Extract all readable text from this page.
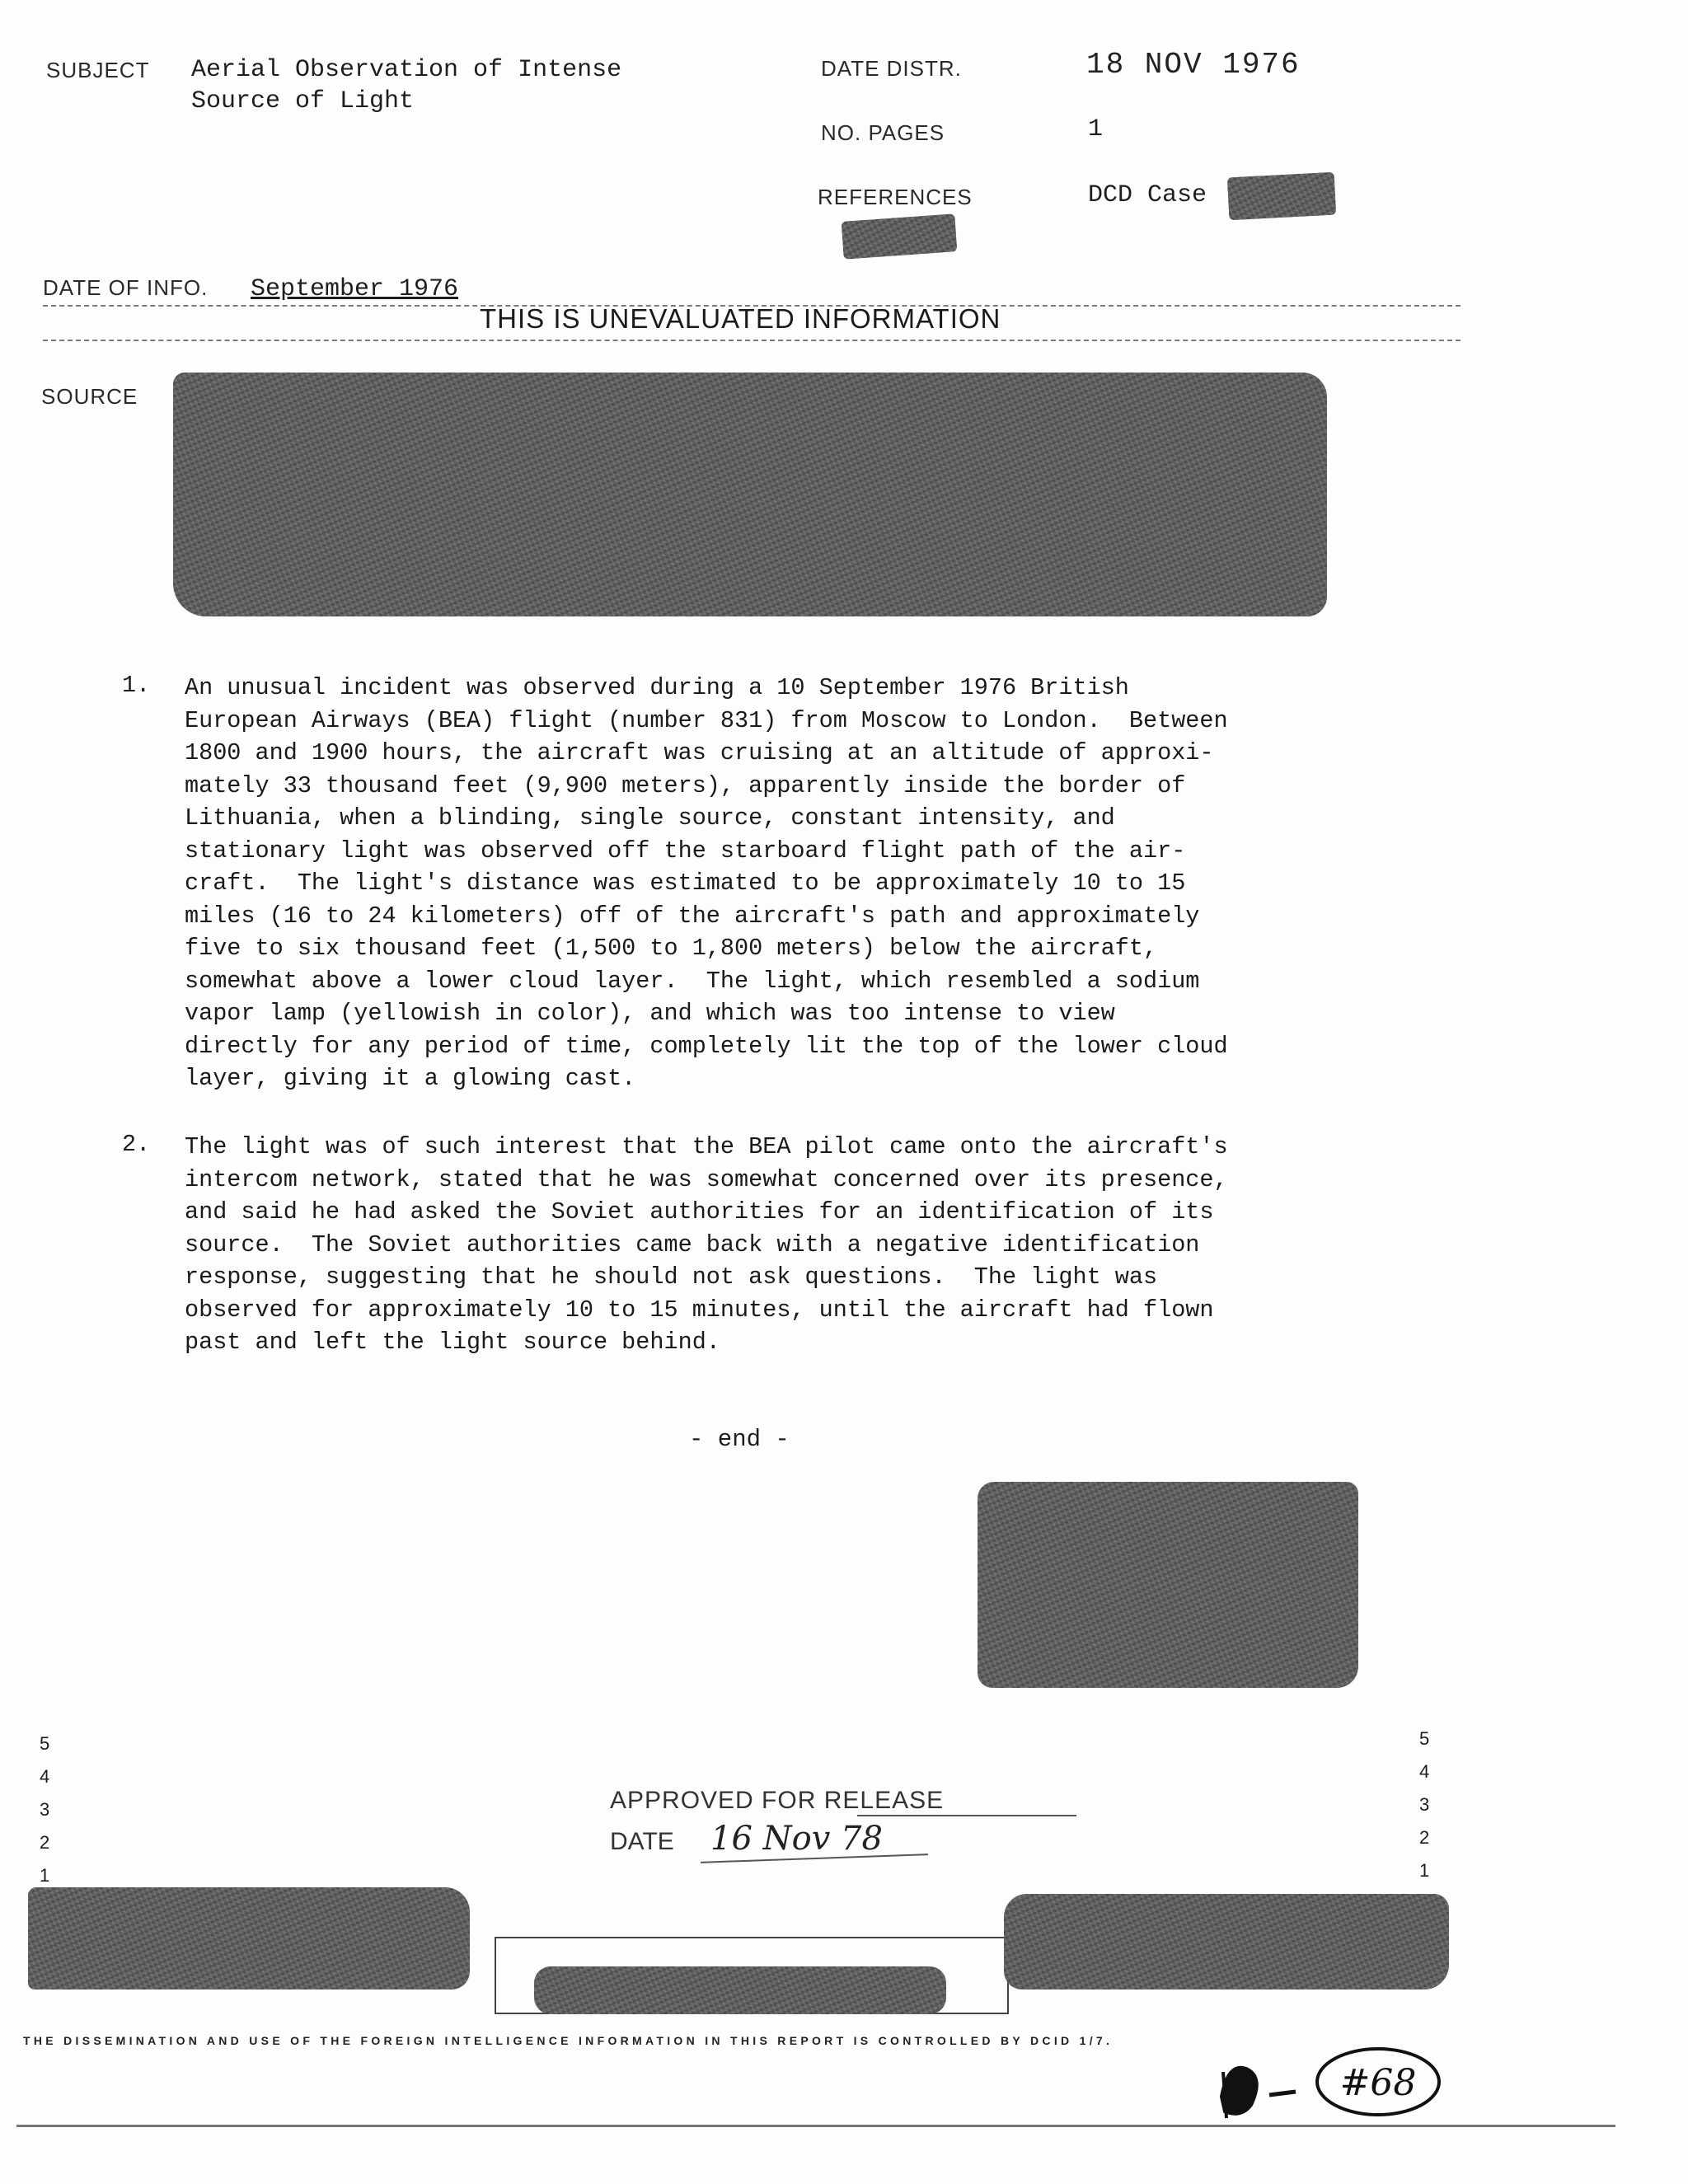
SUBJECT Aerial Observation of Intense
Source of Light
DATE DISTR.	18 NOV 1976
NO. PAGES	1
REFERENCES	DCD Case
DATE OF INFO. September 1976
THIS IS UNEVALUATED INFORMATION
SOURCE
1. An unusual incident was observed during a 10 September 1976 British
European Airways (BEA) flight (number 831) from Moscow to London.  Between
1800 and 1900 hours, the aircraft was cruising at an altitude of approxi-
mately 33 thousand feet (9,900 meters), apparently inside the border of
Lithuania, when a blinding, single source, constant intensity, and
stationary light was observed off the starboard flight path of the air-
craft.  The light's distance was estimated to be approximately 10 to 15
miles (16 to 24 kilometers) off of the aircraft's path and approximately
five to six thousand feet (1,500 to 1,800 meters) below the aircraft,
somewhat above a lower cloud layer.  The light, which resembled a sodium
vapor lamp (yellowish in color), and which was too intense to view
directly for any period of time, completely lit the top of the lower cloud
layer, giving it a glowing cast.
2. The light was of such interest that the BEA pilot came onto the aircraft's
intercom network, stated that he was somewhat concerned over its presence,
and said he had asked the Soviet authorities for an identification of its
source.  The Soviet authorities came back with a negative identification
response, suggesting that he should not ask questions.  The light was
observed for approximately 10 to 15 minutes, until the aircraft had flown
past and left the light source behind.
- end -
5
4
3
2
1
5
4
3
2
1
APPROVED FOR RELEASE
DATE 16 Nov 78
THE DISSEMINATION AND USE OF THE FOREIGN INTELLIGENCE INFORMATION IN THIS REPORT IS CONTROLLED BY DCID 1/7.
#68
